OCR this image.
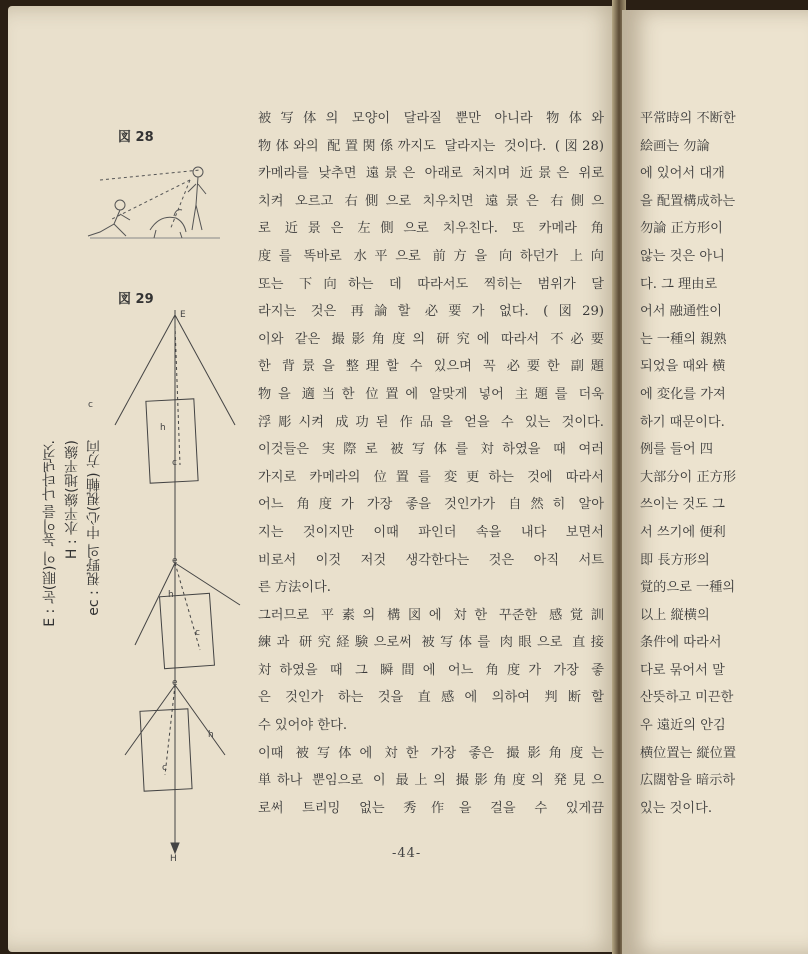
図 28
図 29
E
e
e
h
h
h
c
c
c
H
c
E : 눈(眼)이 높이를 나타낸것. H : 水平線(地平線) ec : 視野의 中心(視軸) 方向
被写体의 모양이 달라질 뿐만 아니라 物体와
物体와의 配置関係까지도 달라지는 것이다. (図28)
카메라를 낮추면 遠景은 아래로 처지며 近景은 위로
치켜 오르고 右側으로 치우치면 遠景은 右側으
로 近景은 左側으로 치우친다. 또 카메라 角
度를 똑바로 水平으로 前方을 向하던가 上向
또는 下向하는 데 따라서도 찍히는 범위가 달
라지는 것은 再論할 必要가 없다. (図29)
이와 같은 撮影角度의 研究에 따라서 不必要
한 背景을 整理할 수 있으며 꼭 必要한 副題
物을 適当한 位置에 알맞게 넣어 主題를 더욱
浮彫시켜 成功된 作品을 얻을 수 있는 것이다.
이것들은 実際로 被写体를 対하였을 때 여러
가지로 카메라의 位置를 変更하는 것에 따라서
어느 角度가 가장 좋을 것인가가 自然히 알아
지는 것이지만 이때 파인더 속을 내다 보면서
비로서 이것 저것 생각한다는 것은 아직 서트
른 方法이다.
그러므로 平素의 構図에 対한 꾸준한 感覚訓
練과 研究経験으로써 被写体를 肉眼으로 直接
対하였을 때 그 瞬間에 어느 角度가 가장 좋
은 것인가 하는 것을 直感에 의하여 判断할
수 있어야 한다.
이때 被写体에 対한 가장 좋은 撮影角度는
単하나 뿐임으로 이 最上의 撮影角度의 発見으
로써 트리밍 없는 秀作을 걸을 수 있게끔
-44-
平常時의 不断한
絵画는 勿論
에 있어서 대개
을 配置構成하는
勿論 正方形이
않는 것은 아니
다. 그 理由로
어서 融通性이
는 一種의 親熟
되었을 때와 横
에 変化를 가져
하기 때문이다.
例를 들어 四
大部分이 正方形
쓰이는 것도 그
서 쓰기에 便利
即 長方形의
覚的으로 一種의
以上 縦横의
条件에 따라서
다로 묶어서 말
산뜻하고 미끈한
우 遠近의 안김
横位置는 縦位置
広闊함을 暗示하
있는 것이다.
